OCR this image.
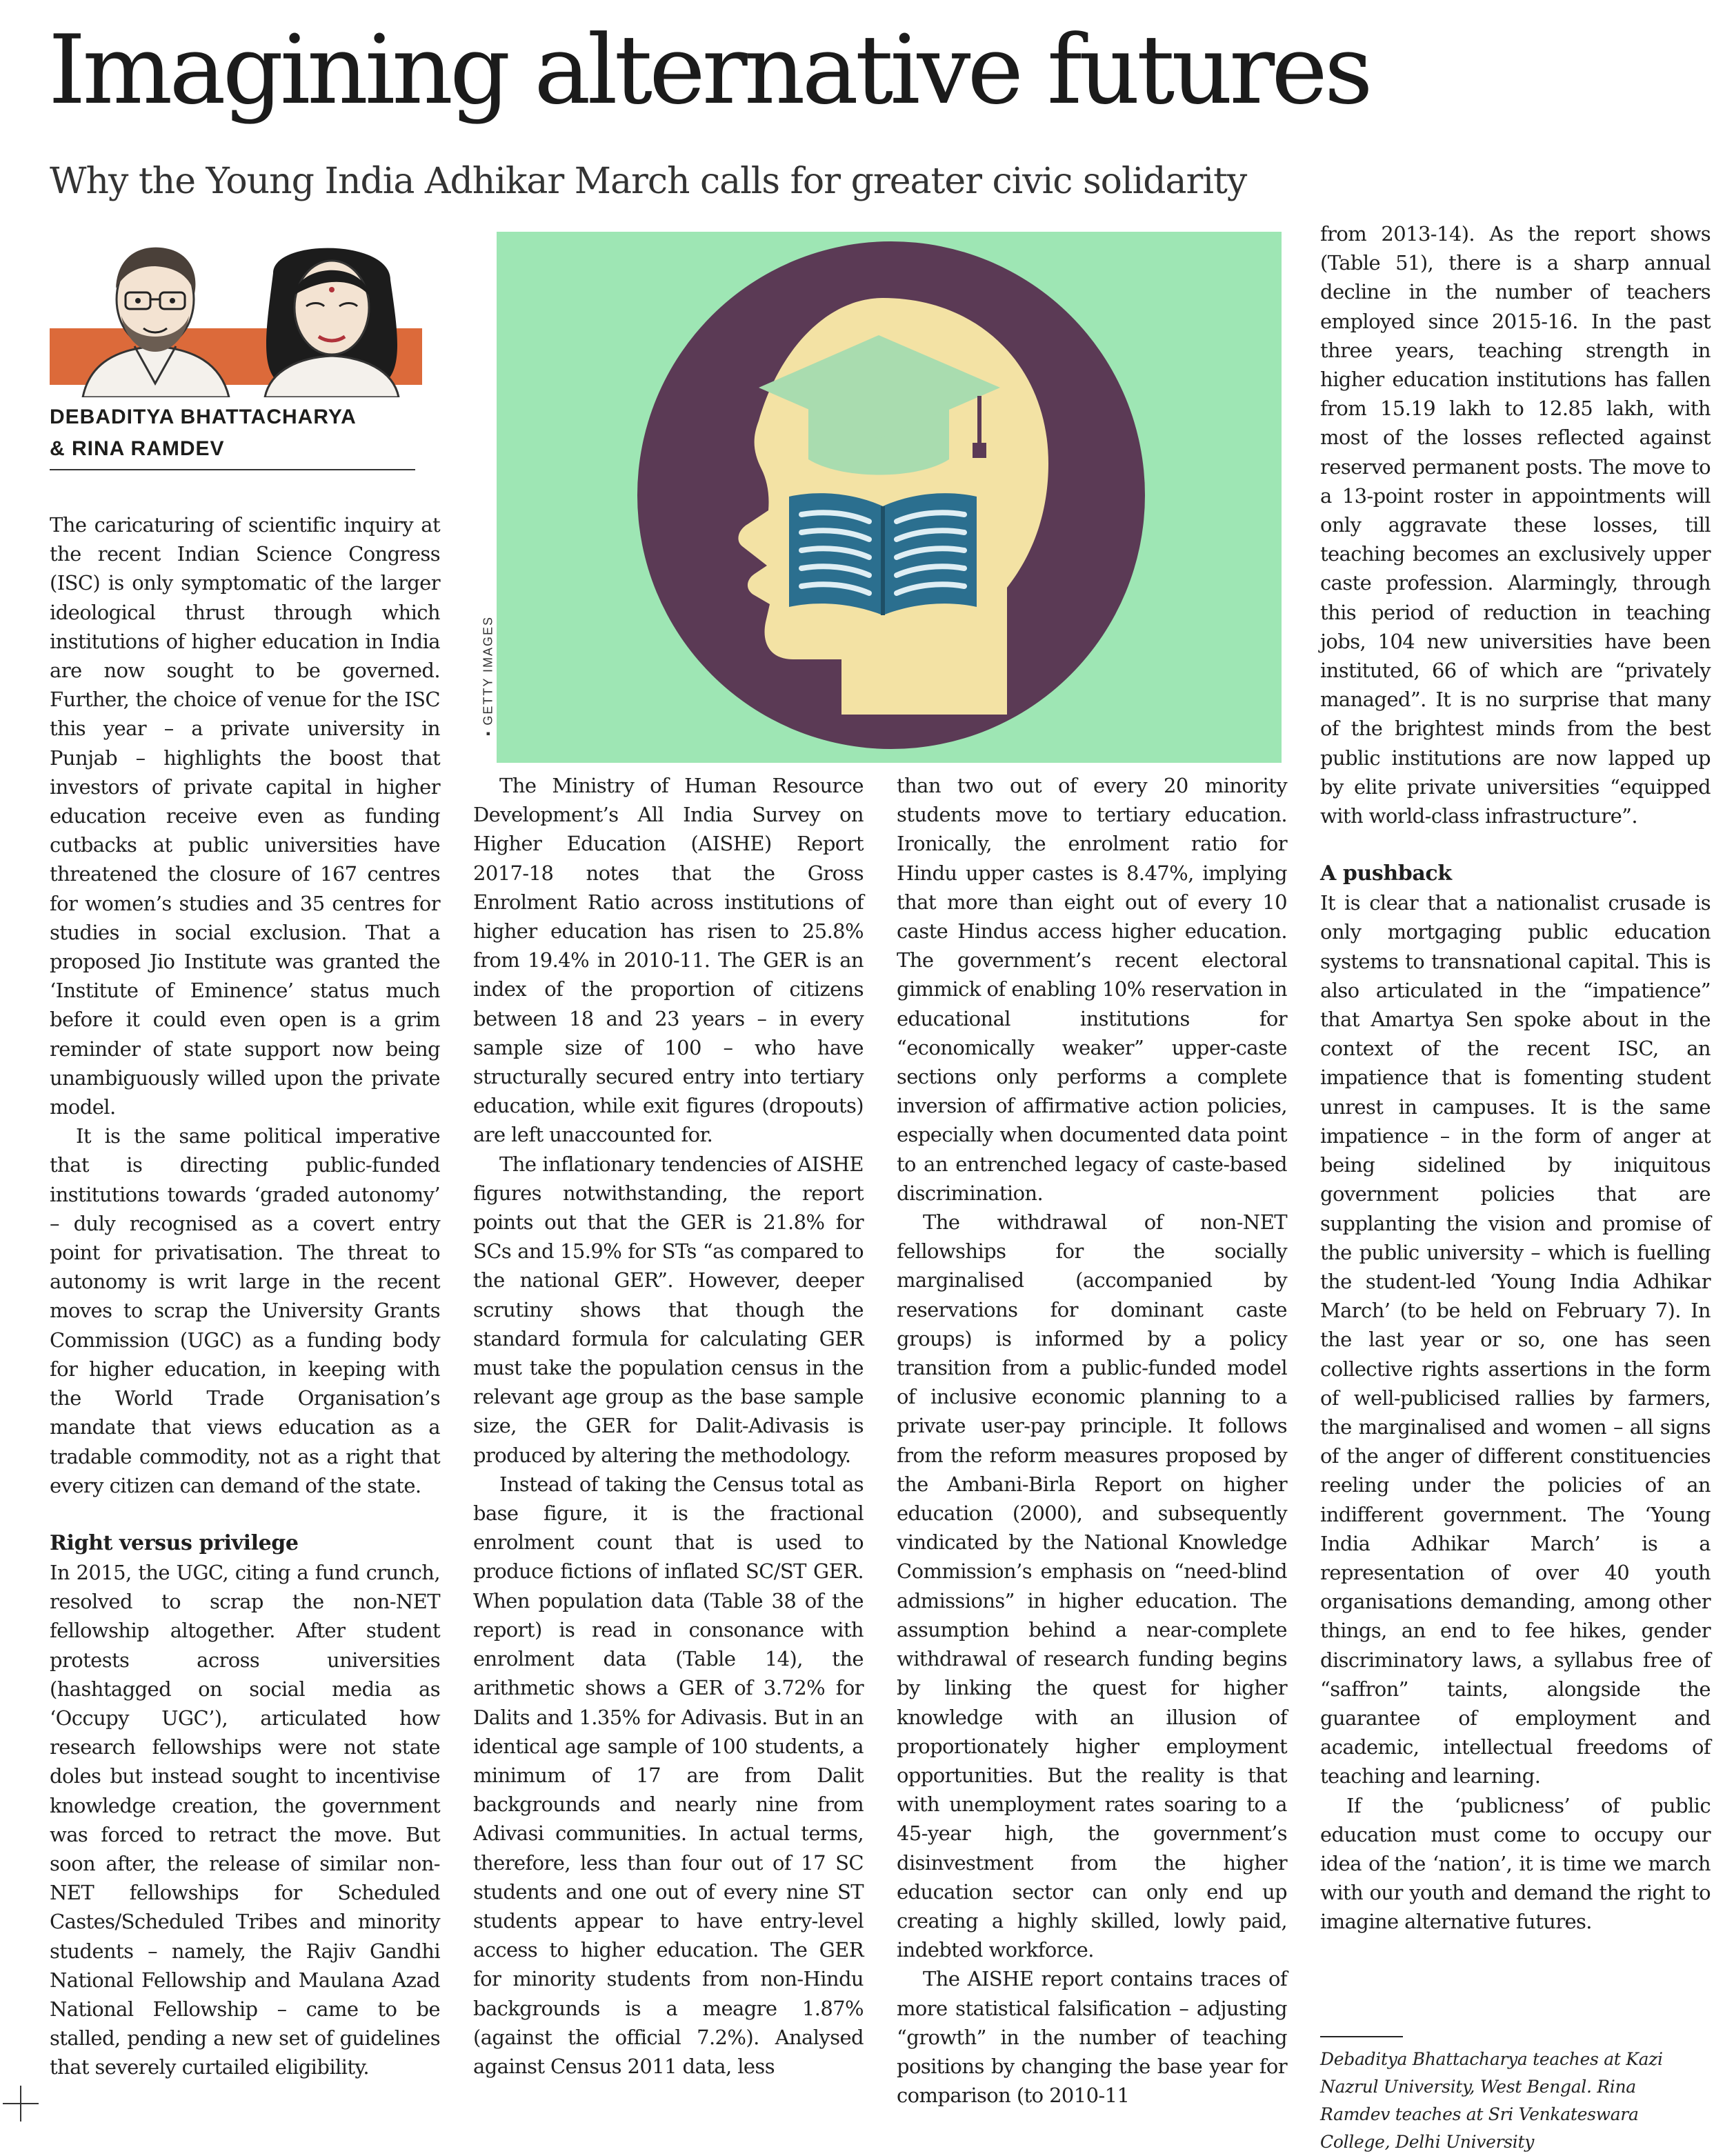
Imagining alternative futures
Why the Young India Adhikar March calls for greater civic solidarity
DEBADITYA BHATTACHARYA
& RINA RAMDEV
▪ GETTY IMAGES

The caricaturing of scientific inquiry at the recent Indian Science Congress (ISC) is only symptomatic of the larger ideological thrust through which institutions of higher education in India are now sought to be governed. Further, the choice of venue for the ISC this year – a private university in Punjab – highlights the boost that investors of private capital in higher education receive even as funding cutbacks at public universities have threatened the closure of 167 centres for women’s studies and 35 centres for studies in social exclusion. That a proposed Jio Institute was granted the ‘Institute of Eminence’ status much before it could even open is a grim reminder of state support now being unambiguously willed upon the private model.

It is the same political imperative that is directing public-funded institutions towards ‘graded autonomy’ – duly recognised as a covert entry point for privatisation. The threat to autonomy is writ large in the recent moves to scrap the University Grants Commission (UGC) as a funding body for higher education, in keeping with the World Trade Organisation’s mandate that views education as a tradable commodity, not as a right that every citizen can demand of the state.

Right versus privilege

In 2015, the UGC, citing a fund crunch, resolved to scrap the non-NET fellowship altogether. After student protests across universities (hashtagged on social media as ‘Occupy UGC’), articulated how research fellowships were not state doles but instead sought to incentivise knowledge creation, the government was forced to retract the move. But soon after, the release of similar non-NET fellowships for Scheduled Castes/Scheduled Tribes and minority students – namely, the Rajiv Gandhi National Fellowship and Maulana Azad National Fellowship – came to be stalled, pending a new set of guidelines that severely curtailed eligibility.

The Ministry of Human Resource Development’s All India Survey on Higher Education (AISHE) Report 2017-18 notes that the Gross Enrolment Ratio across institutions of higher education has risen to 25.8% from 19.4% in 2010-11. The GER is an index of the proportion of citizens between 18 and 23 years – in every sample size of 100 – who have structurally secured entry into tertiary education, while exit figures (dropouts) are left unaccounted for.

The inflationary tendencies of AISHE figures notwithstanding, the report points out that the GER is 21.8% for SCs and 15.9% for STs “as compared to the national GER”. However, deeper scrutiny shows that though the standard formula for calculating GER must take the population census in the relevant age group as the base sample size, the GER for Dalit-Adivasis is produced by altering the methodology.

Instead of taking the Census total as base figure, it is the fractional enrolment count that is used to produce fictions of inflated SC/ST GER. When population data (Table 38 of the report) is read in consonance with enrolment data (Table 14), the arithmetic shows a GER of 3.72% for Dalits and 1.35% for Adivasis. But in an identical age sample of 100 students, a minimum of 17 are from Dalit backgrounds and nearly nine from Adivasi communities. In actual terms, therefore, less than four out of 17 SC students and one out of every nine ST students appear to have entry-level access to higher education. The GER for minority students from non-Hindu backgrounds is a meagre 1.87% (against the official 7.2%). Analysed against Census 2011 data, less

than two out of every 20 minority students move to tertiary education. Ironically, the enrolment ratio for Hindu upper castes is 8.47%, implying that more than eight out of every 10 caste Hindus access higher education. The government’s recent electoral gimmick of enabling 10% reservation in educational institutions for “economically weaker” upper-caste sections only performs a complete inversion of affirmative action policies, especially when documented data point to an entrenched legacy of caste-based discrimination.

The withdrawal of non-NET fellowships for the socially marginalised (accompanied by reservations for dominant caste groups) is informed by a policy transition from a public-funded model of inclusive economic planning to a private user-pay principle. It follows from the reform measures proposed by the Ambani-Birla Report on higher education (2000), and subsequently vindicated by the National Knowledge Commission’s emphasis on “need-blind admissions” in higher education. The assumption behind a near-complete withdrawal of research funding begins by linking the quest for higher knowledge with an illusion of proportionately higher employment opportunities. But the reality is that with unemployment rates soaring to a 45-year high, the government’s disinvestment from the higher education sector can only end up creating a highly skilled, lowly paid, indebted workforce.

The AISHE report contains traces of more statistical falsification – adjusting “growth” in the number of teaching positions by changing the base year for comparison (to 2010-11

from 2013-14). As the report shows (Table 51), there is a sharp annual decline in the number of teachers employed since 2015-16. In the past three years, teaching strength in higher education institutions has fallen from 15.19 lakh to 12.85 lakh, with most of the losses reflected against reserved permanent posts. The move to a 13-point roster in appointments will only aggravate these losses, till teaching becomes an exclusively upper caste profession. Alarmingly, through this period of reduction in teaching jobs, 104 new universities have been instituted, 66 of which are “privately managed”. It is no surprise that many of the brightest minds from the best public institutions are now lapped up by elite private universities “equipped with world-class infrastructure”.

A pushback

It is clear that a nationalist crusade is only mortgaging public education systems to transnational capital. This is also articulated in the “impatience” that Amartya Sen spoke about in the context of the recent ISC, an impatience that is fomenting student unrest in campuses. It is the same impatience – in the form of anger at being sidelined by iniquitous government policies that are supplanting the vision and promise of the public university – which is fuelling the student-led ‘Young India Adhikar March’ (to be held on February 7). In the last year or so, one has seen collective rights assertions in the form of well-publicised rallies by farmers, the marginalised and women – all signs of the anger of different constituencies reeling under the policies of an indifferent government. The ‘Young India Adhikar March’ is a representation of over 40 youth organisations demanding, among other things, an end to fee hikes, gender discriminatory laws, a syllabus free of “saffron” taints, alongside the guarantee of employment and academic, intellectual freedoms of teaching and learning.

If the ‘publicness’ of public education must come to occupy our idea of the ‘nation’, it is time we march with our youth and demand the right to imagine alternative futures.

Debaditya Bhattacharya teaches at Kazi Nazrul University, West Bengal. Rina Ramdev teaches at Sri Venkateswara College, Delhi University
